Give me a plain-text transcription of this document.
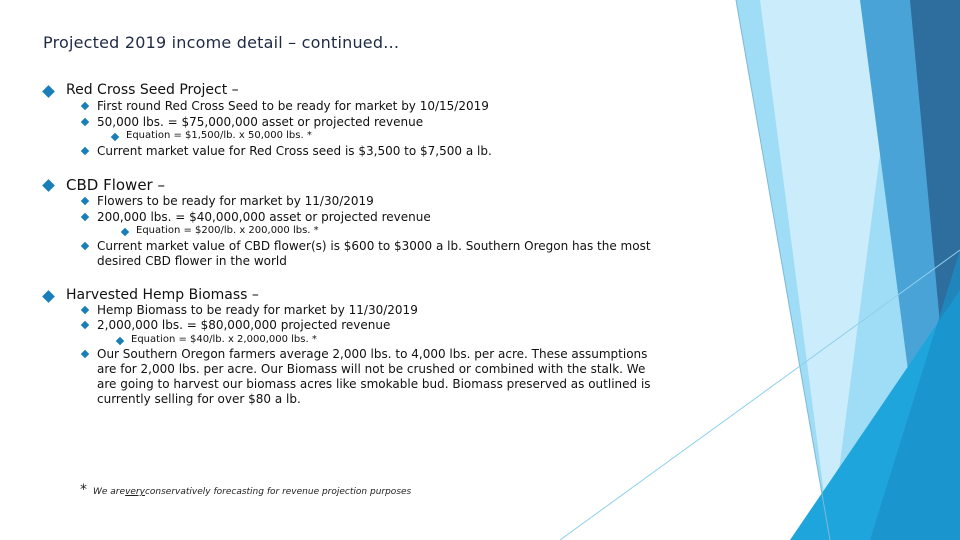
Projected 2019 income detail – continued…
Red Cross Seed Project –
First round Red Cross Seed to be ready for market by 10/15/2019
50,000 lbs. = $75,000,000 asset or projected revenue
Equation = $1,500/lb. x 50,000 lbs. *
Current market value for Red Cross seed is $3,500 to $7,500 a lb.
CBD Flower –
Flowers to be ready for market by 11/30/2019
200,000 lbs. = $40,000,000 asset or projected revenue
Equation = $200/lb. x 200,000 lbs. *
Current market value of CBD flower(s) is $600 to $3000 a lb. Southern Oregon has the most desired CBD flower in the world
Harvested Hemp Biomass –
Hemp Biomass to be ready for market by 11/30/2019
2,000,000 lbs. = $80,000,000 projected revenue
Equation = $40/lb. x 2,000,000 lbs. *
Our Southern Oregon farmers average 2,000 lbs. to 4,000 lbs. per acre. These assumptions are for 2,000 lbs. per acre. Our Biomass will not be crushed or combined with the stalk. We are going to harvest our biomass acres like smokable bud. Biomass preserved as outlined is currently selling for over $80 a lb.
* We are very conservatively forecasting for revenue projection purposes
